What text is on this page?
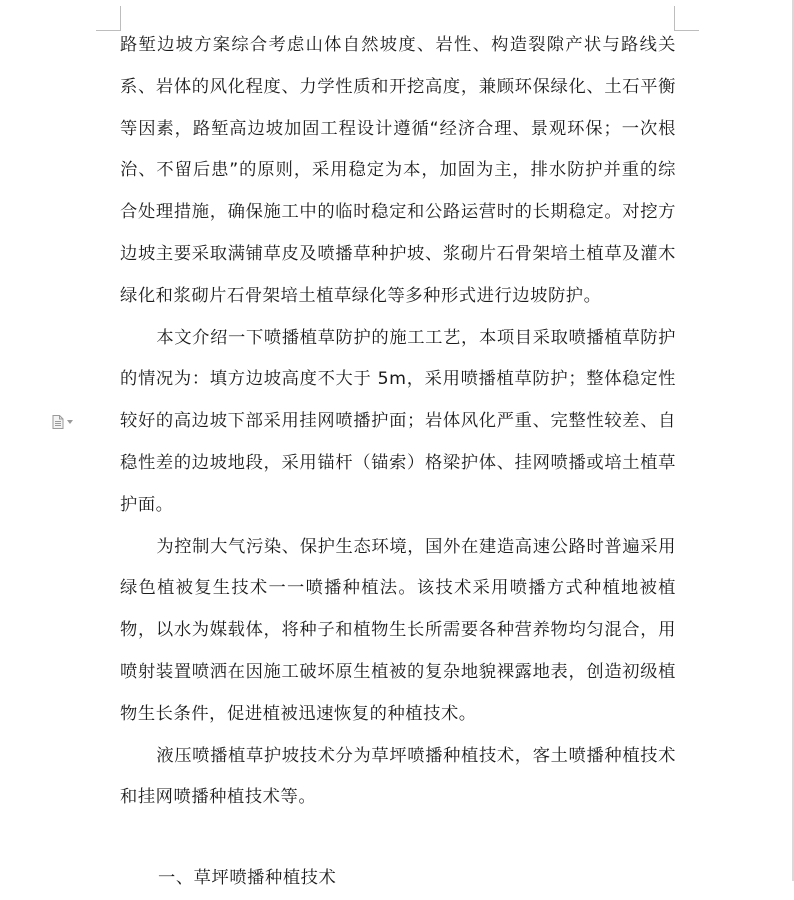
路堑边坡方案综合考虑山体自然坡度、岩性、构造裂隙产状与路线关系、岩体的风化程度、力学性质和开挖高度，兼顾环保绿化、土石平衡等因素，路堑高边坡加固工程设计遵循“经济合理、景观环保；一次根治、不留后患”的原则，采用稳定为本，加固为主，排水防护并重的综合处理措施，确保施工中的临时稳定和公路运营时的长期稳定。对挖方边坡主要采取满铺草皮及喷播草种护坡、浆砌片石骨架培土植草及灌木绿化和浆砌片石骨架培土植草绿化等多种形式进行边坡防护。

本文介绍一下喷播植草防护的施工工艺，本项目采取喷播植草防护的情况为：填方边坡高度不大于 5m，采用喷播植草防护；整体稳定性较好的高边坡下部采用挂网喷播护面；岩体风化严重、完整性较差、自稳性差的边坡地段，采用锚杆（锚索）格梁护体、挂网喷播或培土植草护面。

为控制大气污染、保护生态环境，国外在建造高速公路时普遍采用绿色植被复生技术一一喷播种植法。该技术采用喷播方式种植地被植物，以水为媒载体，将种子和植物生长所需要各种营养物均匀混合，用喷射装置喷洒在因施工破坏原生植被的复杂地貌裸露地表，创造初级植物生长条件，促进植被迅速恢复的种植技术。

液压喷播植草护坡技术分为草坪喷播种植技术，客土喷播种植技术和挂网喷播种植技术等。

一、草坪喷播种植技术
